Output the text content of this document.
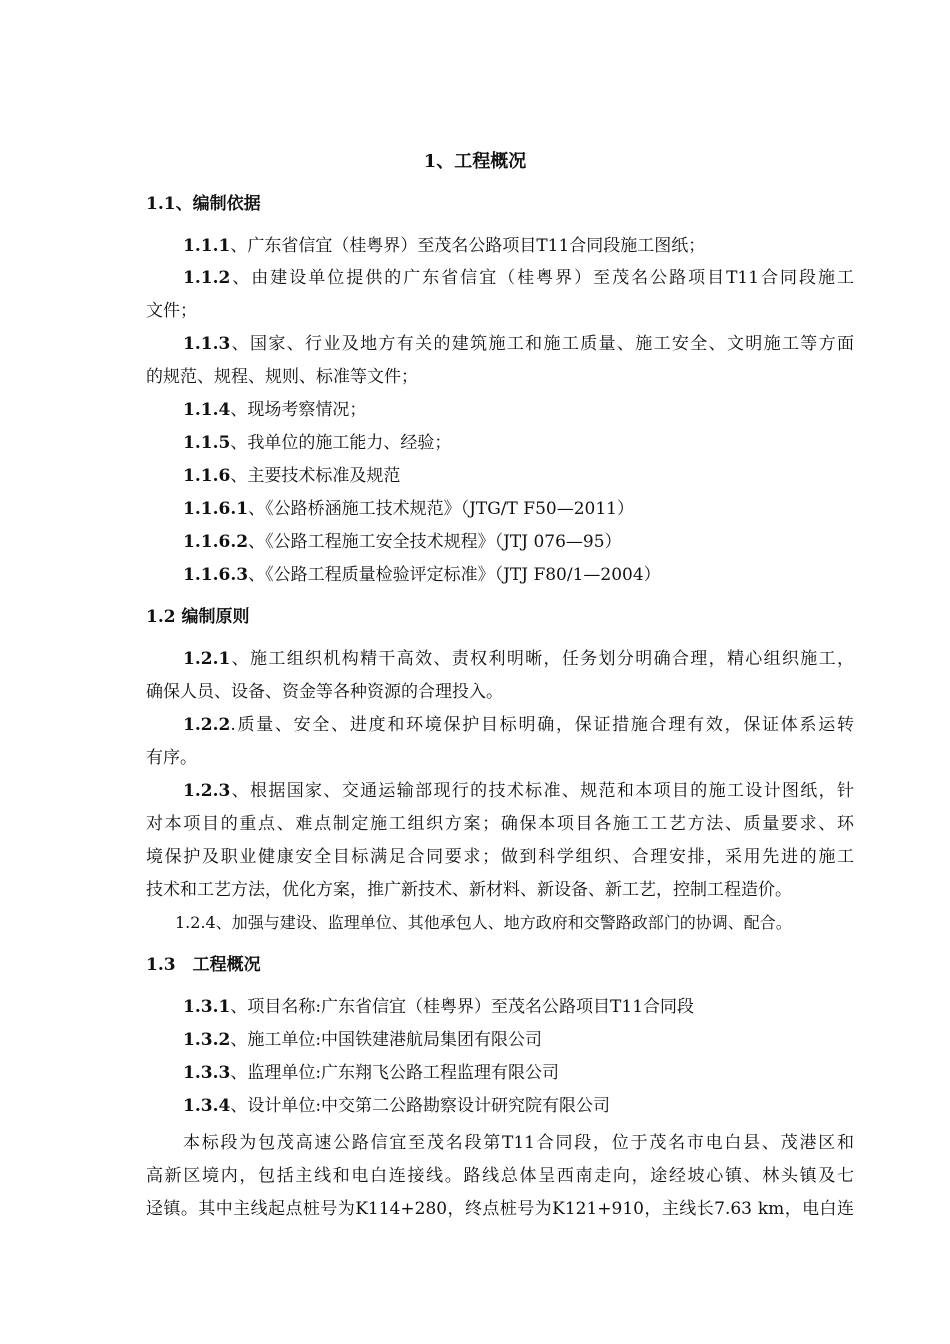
1、工程概况
1.1、编制依据
1.1.1、广东省信宜（桂粤界）至茂名公路项目T11合同段施工图纸；
1.1.2、由建设单位提供的广东省信宜（桂粤界）至茂名公路项目T11合同段施工
文件；
1.1.3、国家、行业及地方有关的建筑施工和施工质量、施工安全、文明施工等方面
的规范、规程、规则、标准等文件；
1.1.4、现场考察情况；
1.1.5、我单位的施工能力、经验；
1.1.6、主要技术标准及规范
1.1.6.1、《公路桥涵施工技术规范》（JTG/T F50—2011）
1.1.6.2、《公路工程施工安全技术规程》（JTJ 076—95）
1.1.6.3、《公路工程质量检验评定标准》（JTJ F80/1—2004）
1.2 编制原则
1.2.1、施工组织机构精干高效、责权利明晰，任务划分明确合理，精心组织施工，
确保人员、设备、资金等各种资源的合理投入。
1.2.2.质量、安全、进度和环境保护目标明确，保证措施合理有效，保证体系运转
有序。
1.2.3、根据国家、交通运输部现行的技术标准、规范和本项目的施工设计图纸，针
对本项目的重点、难点制定施工组织方案；确保本项目各施工工艺方法、质量要求、环
境保护及职业健康安全目标满足合同要求；做到科学组织、合理安排，采用先进的施工
技术和工艺方法，优化方案，推广新技术、新材料、新设备、新工艺，控制工程造价。
1.2.4、加强与建设、监理单位、其他承包人、地方政府和交警路政部门的协调、配合。
1.3　工程概况
1.3.1、项目名称:广东省信宜（桂粤界）至茂名公路项目T11合同段
1.3.2、施工单位:中国铁建港航局集团有限公司
1.3.3、监理单位:广东翔飞公路工程监理有限公司
1.3.4、设计单位:中交第二公路勘察设计研究院有限公司
本标段为包茂高速公路信宜至茂名段第T11合同段，位于茂名市电白县、茂港区和
高新区境内，包括主线和电白连接线。路线总体呈西南走向，途经坡心镇、林头镇及七
迳镇。其中主线起点桩号为K114+280，终点桩号为K121+910，主线长7.63 km，电白连
